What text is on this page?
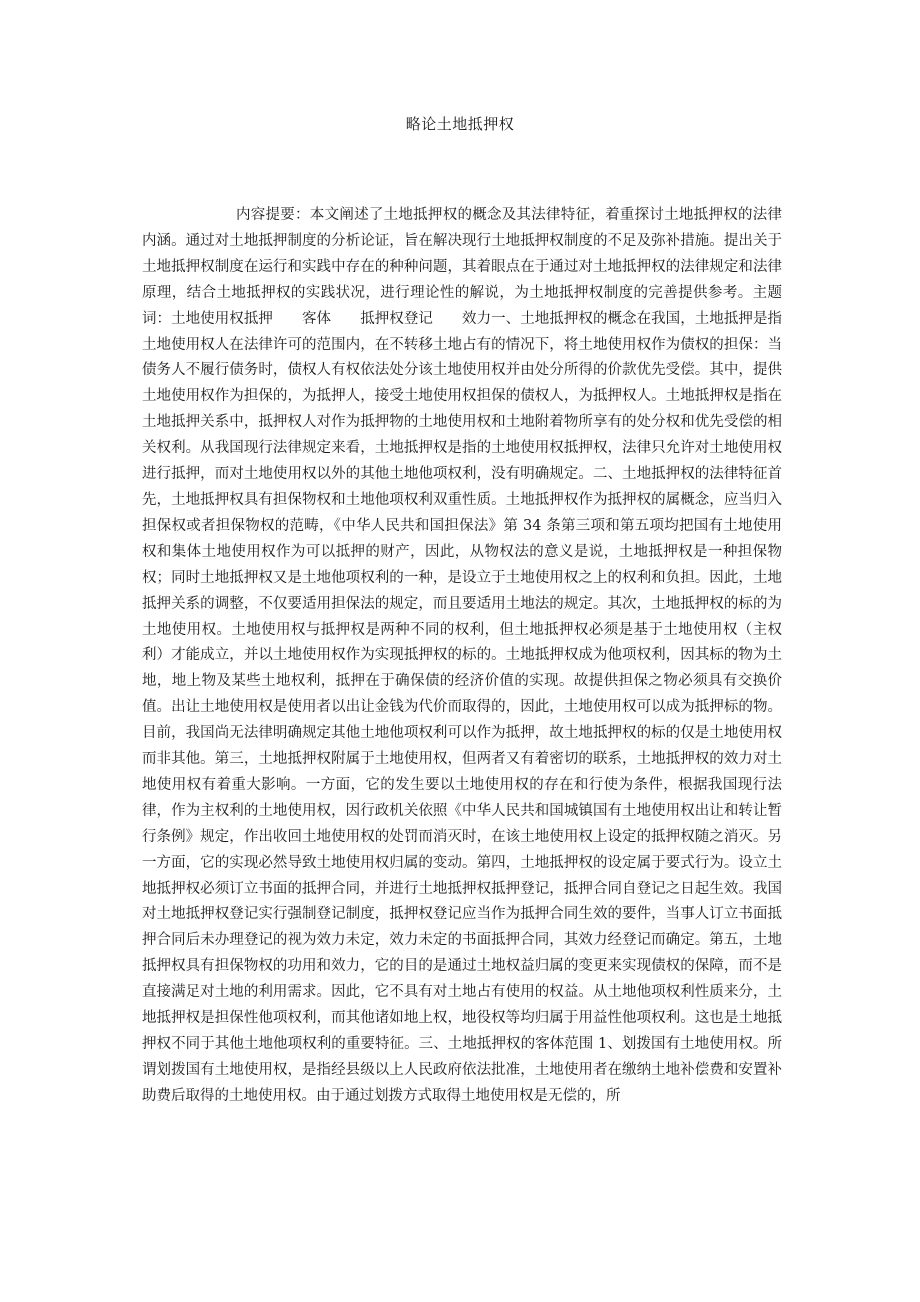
略论土地抵押权

内容提要：本文阐述了土地抵押权的概念及其法律特征，着重探讨土地抵押权的法律内涵。通过对土地抵押制度的分析论证，旨在解决现行土地抵押权制度的不足及弥补措施。提出关于土地抵押权制度在运行和实践中存在的种种问题，其着眼点在于通过对土地抵押权的法律规定和法律原理，结合土地抵押权的实践状况，进行理论性的解说，为土地抵押权制度的完善提供参考。主题词：土地使用权抵押　　客体　　抵押权登记　　效力一、土地抵押权的概念在我国，土地抵押是指土地使用权人在法律许可的范围内，在不转移土地占有的情况下，将土地使用权作为债权的担保：当债务人不履行债务时，债权人有权依法处分该土地使用权并由处分所得的价款优先受偿。其中，提供土地使用权作为担保的，为抵押人，接受土地使用权担保的债权人，为抵押权人。土地抵押权是指在土地抵押关系中，抵押权人对作为抵押物的土地使用权和土地附着物所享有的处分权和优先受偿的相关权利。从我国现行法律规定来看，土地抵押权是指的土地使用权抵押权，法律只允许对土地使用权进行抵押，而对土地使用权以外的其他土地他项权利，没有明确规定。二、土地抵押权的法律特征首先，土地抵押权具有担保物权和土地他项权利双重性质。土地抵押权作为抵押权的属概念，应当归入担保权或者担保物权的范畴，《中华人民共和国担保法》第 34 条第三项和第五项均把国有土地使用权和集体土地使用权作为可以抵押的财产，因此，从物权法的意义是说，土地抵押权是一种担保物权；同时土地抵押权又是土地他项权利的一种，是设立于土地使用权之上的权利和负担。因此，土地抵押关系的调整，不仅要适用担保法的规定，而且要适用土地法的规定。其次，土地抵押权的标的为土地使用权。土地使用权与抵押权是两种不同的权利，但土地抵押权必须是基于土地使用权（主权利）才能成立，并以土地使用权作为实现抵押权的标的。土地抵押权成为他项权利，因其标的物为土地，地上物及某些土地权利，抵押在于确保债的经济价值的实现。故提供担保之物必须具有交换价值。出让土地使用权是使用者以出让金钱为代价而取得的，因此，土地使用权可以成为抵押标的物。目前，我国尚无法律明确规定其他土地他项权利可以作为抵押，故土地抵押权的标的仅是土地使用权而非其他。第三，土地抵押权附属于土地使用权，但两者又有着密切的联系，土地抵押权的效力对土地使用权有着重大影响。一方面，它的发生要以土地使用权的存在和行使为条件，根据我国现行法律，作为主权利的土地使用权，因行政机关依照《中华人民共和国城镇国有土地使用权出让和转让暂行条例》规定，作出收回土地使用权的处罚而消灭时，在该土地使用权上设定的抵押权随之消灭。另一方面，它的实现必然导致土地使用权归属的变动。第四，土地抵押权的设定属于要式行为。设立土地抵押权必须订立书面的抵押合同，并进行土地抵押权抵押登记，抵押合同自登记之日起生效。我国对土地抵押权登记实行强制登记制度，抵押权登记应当作为抵押合同生效的要件，当事人订立书面抵押合同后未办理登记的视为效力未定，效力未定的书面抵押合同，其效力经登记而确定。第五，土地抵押权具有担保物权的功用和效力，它的目的是通过土地权益归属的变更来实现债权的保障，而不是直接满足对土地的利用需求。因此，它不具有对土地占有使用的权益。从土地他项权利性质来分，土地抵押权是担保性他项权利，而其他诸如地上权，地役权等均归属于用益性他项权利。这也是土地抵押权不同于其他土地他项权利的重要特征。三、土地抵押权的客体范围 1、划拨国有土地使用权。所谓划拨国有土地使用权，是指经县级以上人民政府依法批准，土地使用者在缴纳土地补偿费和安置补助费后取得的土地使用权。由于通过划拨方式取得土地使用权是无偿的，所
